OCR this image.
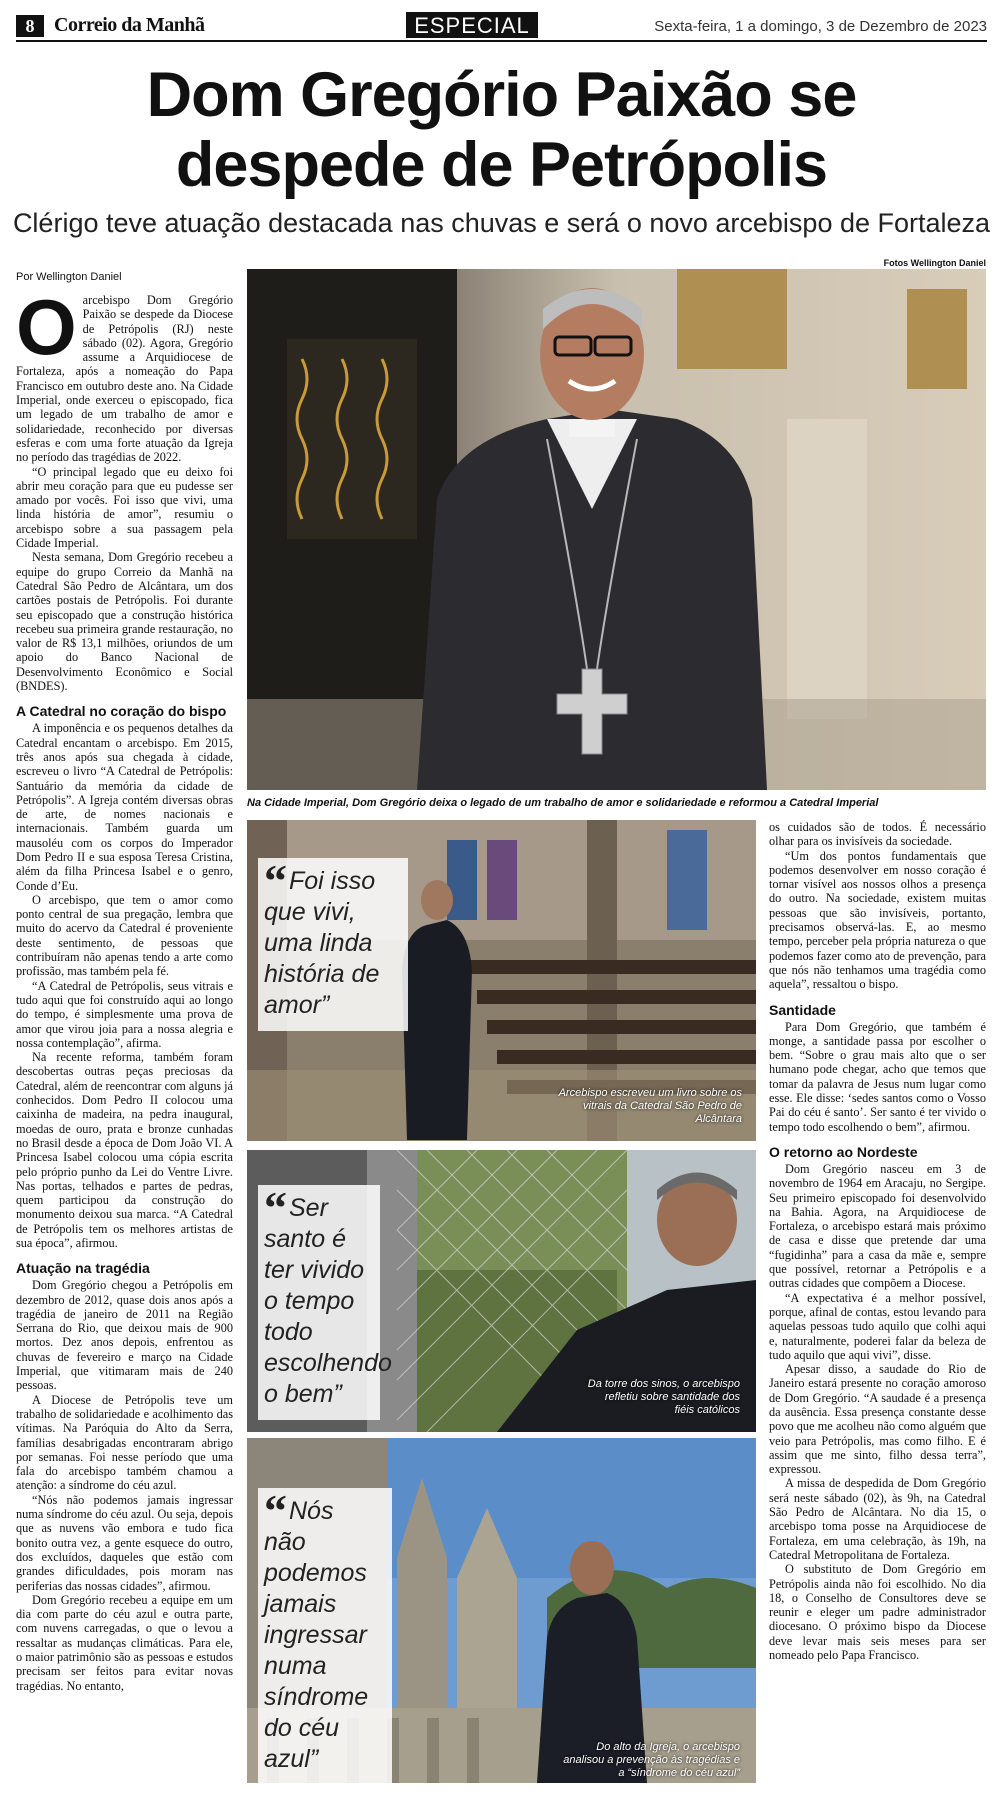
8 Correio da Manhã	ESPECIAL	Sexta-feira, 1 a domingo, 3 de Dezembro de 2023
Dom Gregório Paixão se
despede de Petrópolis
Clérigo teve atuação destacada nas chuvas e será o novo arcebispo de Fortaleza
Por Wellington Daniel
Fotos Wellington Daniel

Oarcebispo Dom Gregório Paixão se despede da Diocese de Petrópolis (RJ) neste sábado (02). Agora, Gregório assume a Arquidiocese de Fortaleza, após a nomeação do Papa Francisco em outubro deste ano. Na Cidade Imperial, onde exerceu o episcopado, fica um legado de um trabalho de amor e solidariedade, reconhecido por diversas esferas e com uma forte atuação da Igreja no período das tragédias de 2022.

“O principal legado que eu deixo foi abrir meu coração para que eu pudesse ser amado por vocês. Foi isso que vivi, uma linda história de amor”, resumiu o arcebispo sobre a sua passagem pela Cidade Imperial.

Nesta semana, Dom Gregório recebeu a equipe do grupo Correio da Manhã na Catedral São Pedro de Alcântara, um dos cartões postais de Petrópolis. Foi durante seu episcopado que a construção histórica recebeu sua primeira grande restauração, no valor de R$ 13,1 milhões, oriundos de um apoio do Banco Nacional de Desenvolvimento Econômico e Social (BNDES).

A Catedral no coração do bispo

A imponência e os pequenos detalhes da Catedral encantam o arcebispo. Em 2015, três anos após sua chegada à cidade, escreveu o livro “A Catedral de Petrópolis: Santuário da memória da cidade de Petrópolis”. A Igreja contém diversas obras de arte, de nomes nacionais e internacionais. Também guarda um mausoléu com os corpos do Imperador Dom Pedro II e sua esposa Teresa Cristina, além da filha Princesa Isabel e o genro, Conde d’Eu.

O arcebispo, que tem o amor como ponto central de sua pregação, lembra que muito do acervo da Catedral é proveniente deste sentimento, de pessoas que contribuíram não apenas tendo a arte como profissão, mas também pela fé.

“A Catedral de Petrópolis, seus vitrais e tudo aqui que foi construído aqui ao longo do tempo, é simplesmente uma prova de amor que virou joia para a nossa alegria e nossa contemplação”, afirma.

Na recente reforma, também foram descobertas outras peças preciosas da Catedral, além de reencontrar com alguns já conhecidos. Dom Pedro II colocou uma caixinha de madeira, na pedra inaugural, moedas de ouro, prata e bronze cunhadas no Brasil desde a época de Dom João VI. A Princesa Isabel colocou uma cópia escrita pelo próprio punho da Lei do Ventre Livre. Nas portas, telhados e partes de pedras, quem participou da construção do monumento deixou sua marca. “A Catedral de Petrópolis tem os melhores artistas de sua época”, afirmou.

Atuação na tragédia

Dom Gregório chegou a Petrópolis em dezembro de 2012, quase dois anos após a tragédia de janeiro de 2011 na Região Serrana do Rio, que deixou mais de 900 mortos. Dez anos depois, enfrentou as chuvas de fevereiro e março na Cidade Imperial, que vitimaram mais de 240 pessoas.

A Diocese de Petrópolis teve um trabalho de solidariedade e acolhimento das vítimas. Na Paróquia do Alto da Serra, famílias desabrigadas encontraram abrigo por semanas. Foi nesse período que uma fala do arcebispo também chamou a atenção: a síndrome do céu azul.

“Nós não podemos jamais ingressar numa síndrome do céu azul. Ou seja, depois que as nuvens vão embora e tudo fica bonito outra vez, a gente esquece do outro, dos excluídos, daqueles que estão com grandes dificuldades, pois moram nas periferias das nossas cidades”, afirmou.

Dom Gregório recebeu a equipe em um dia com parte do céu azul e outra parte, com nuvens carregadas, o que o levou a ressaltar as mudanças climáticas. Para ele, o maior patrimônio são as pessoas e estudos precisam ser feitos para evitar novas tragédias. No entanto,

Na Cidade Imperial, Dom Gregório deixa o legado de um trabalho de amor e solidariedade e reformou a Catedral Imperial
“ Foi isso que vivi, uma linda história de amor”
Arcebispo escreveu um livro sobre os vitrais da Catedral São Pedro de Alcântara
“ Ser santo é ter vivido o tempo todo escolhendo o bem”	Da torre dos sinos, o arcebispo refletiu sobre santidade dos fiéis católicos
“ Nós não podemos jamais ingressar numa síndrome do céu azul”	Do alto da Igreja, o arcebispo analisou a prevenção às tragédias e a “síndrome do céu azul”

os cuidados são de todos. É necessário olhar para os invisíveis da sociedade.

“Um dos pontos fundamentais que podemos desenvolver em nosso coração é tornar visível aos nossos olhos a presença do outro. Na sociedade, existem muitas pessoas que são invisíveis, portanto, precisamos observá-las. E, ao mesmo tempo, perceber pela própria natureza o que podemos fazer como ato de prevenção, para que nós não tenhamos uma tragédia como aquela”, ressaltou o bispo.

Santidade

Para Dom Gregório, que também é monge, a santidade passa por escolher o bem. “Sobre o grau mais alto que o ser humano pode chegar, acho que temos que tomar da palavra de Jesus num lugar como esse. Ele disse: ‘sedes santos como o Vosso Pai do céu é santo’. Ser santo é ter vivido o tempo todo escolhendo o bem”, afirmou.

O retorno ao Nordeste

Dom Gregório nasceu em 3 de novembro de 1964 em Aracaju, no Sergipe. Seu primeiro episcopado foi desenvolvido na Bahia. Agora, na Arquidiocese de Fortaleza, o arcebispo estará mais próximo de casa e disse que pretende dar uma “fugidinha” para a casa da mãe e, sempre que possível, retornar a Petrópolis e a outras cidades que compõem a Diocese.

“A expectativa é a melhor possível, porque, afinal de contas, estou levando para aquelas pessoas tudo aquilo que colhi aqui e, naturalmente, poderei falar da beleza de tudo aquilo que aqui vivi”, disse.

Apesar disso, a saudade do Rio de Janeiro estará presente no coração amoroso de Dom Gregório. “A saudade é a presença da ausência. Essa presença constante desse povo que me acolheu não como alguém que veio para Petrópolis, mas como filho. E é assim que me sinto, filho dessa terra”, expressou.

A missa de despedida de Dom Gregório será neste sábado (02), às 9h, na Catedral São Pedro de Alcântara. No dia 15, o arcebispo toma posse na Arquidiocese de Fortaleza, em uma celebração, às 19h, na Catedral Metropolitana de Fortaleza.

O substituto de Dom Gregório em Petrópolis ainda não foi escolhido. No dia 18, o Conselho de Consultores deve se reunir e eleger um padre administrador diocesano. O próximo bispo da Diocese deve levar mais seis meses para ser nomeado pelo Papa Francisco.
